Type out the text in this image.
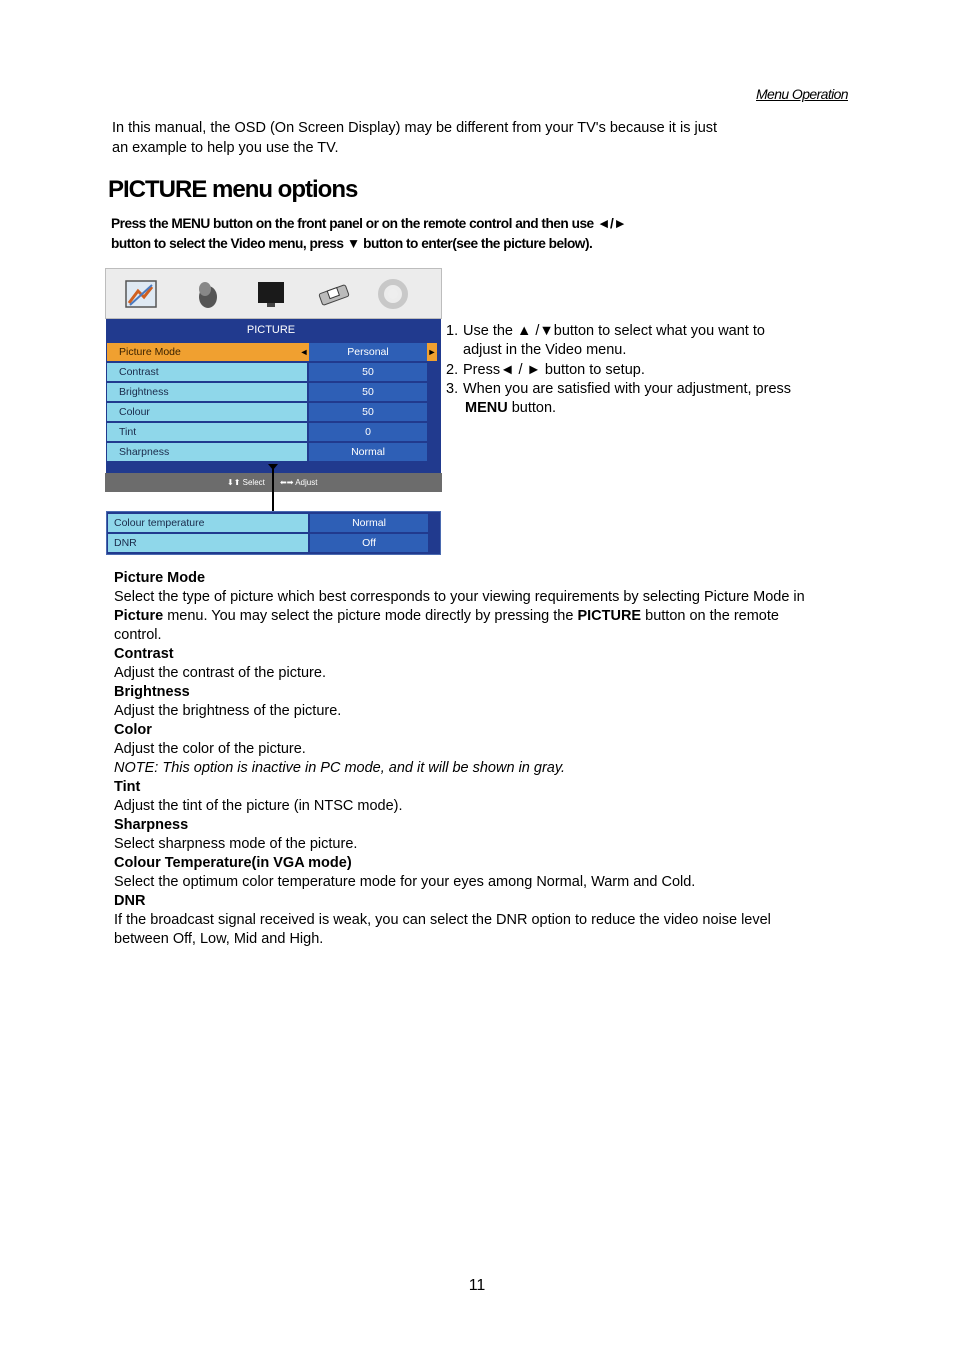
Menu Operation
In this manual, the OSD (On Screen Display) may be different from your TV's because it is just
an example to help you use the TV.
PICTURE menu options
Press the MENU button on the front panel or on the remote control and then use ◄/►
button to select the Video menu, press ▼ button to enter(see the picture below).
PICTURE
Picture Mode	◄	Personal	►
Contrast	50
Brightness	50
Colour	50
Tint	0
Sharpness	Normal
⬇⬆ Select ⬅➡ Adjust
Colour temperature	Normal
DNR	Off
1. Use the ▲ /▼button to select what you want to
adjust in the Video menu.
2. Press◄ / ► button to setup.
3. When you are satisfied with your adjustment, press
MENU button.
Picture Mode
Select the type of picture which best corresponds to your viewing requirements by selecting Picture Mode in
Picture menu. You may select the picture mode directly by pressing the PICTURE button on the remote
control.
Contrast
Adjust the contrast of the picture.
Brightness
Adjust the brightness of the picture.
Color
Adjust the color of the picture.
NOTE: This option is inactive in PC mode, and it will be shown in gray.
Tint
Adjust the tint of the picture (in NTSC mode).
Sharpness
Select sharpness mode of the picture.
Colour Temperature(in VGA mode)
Select the optimum color temperature mode for your eyes among Normal, Warm and Cold.
DNR
If the broadcast signal received is weak, you can select the DNR option to reduce the video noise level
between Off, Low, Mid and High.
11
